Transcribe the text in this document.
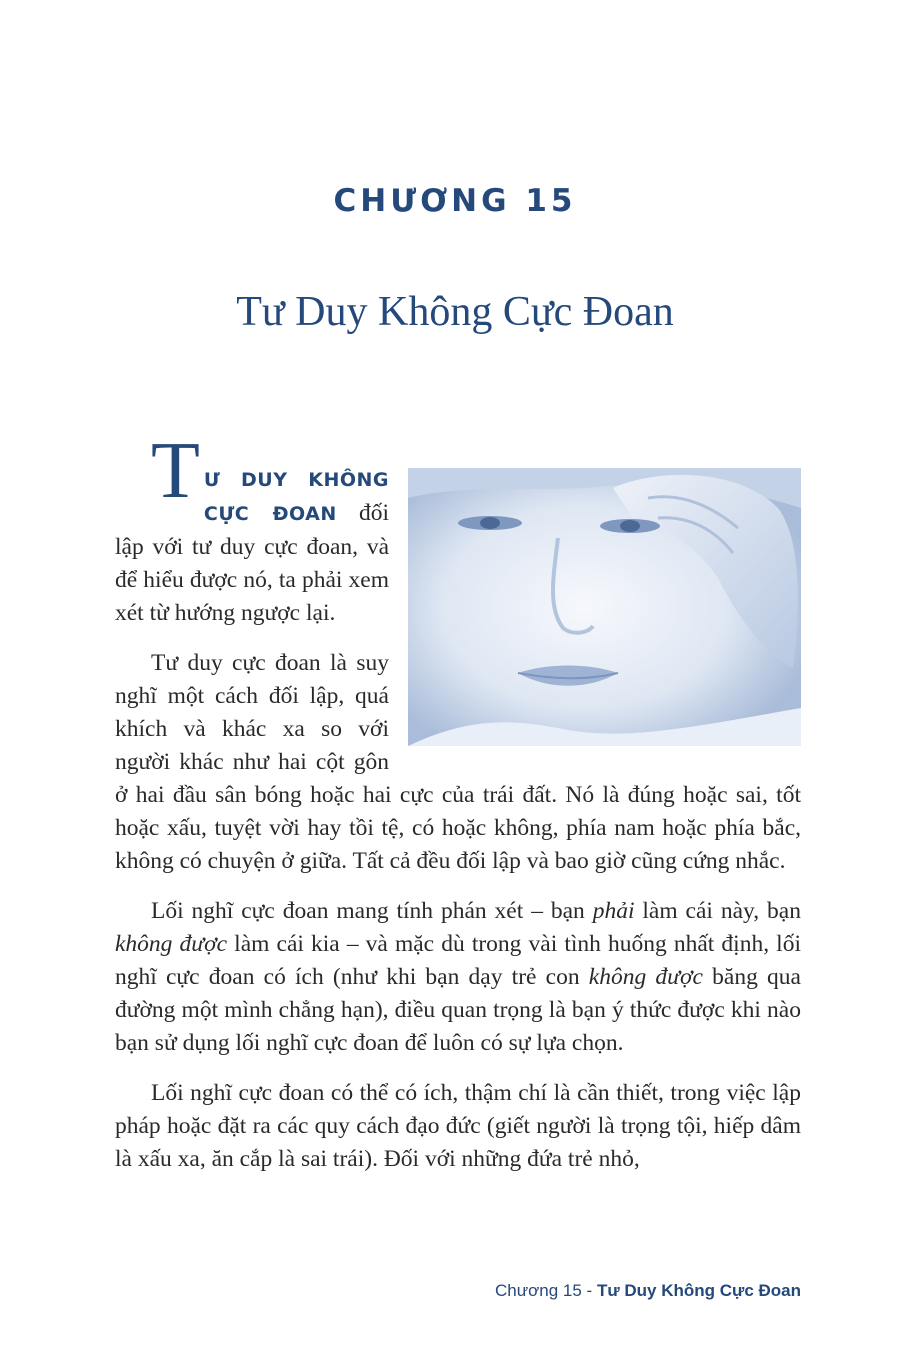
CHƯƠNG 15
Tư Duy Không Cực Đoan
T Ư DUY KHÔNG CỰC ĐOAN đối lập với tư duy cực đoan, và để hiểu được nó, ta phải xem xét từ hướng ngược lại.

Tư duy cực đoan là suy nghĩ một cách đối lập, quá khích và khác xa so với người khác như hai cột gôn ở hai đầu sân bóng hoặc hai cực của trái đất. Nó là đúng hoặc sai, tốt hoặc xấu, tuyệt vời hay tồi tệ, có hoặc không, phía nam hoặc phía bắc, không có chuyện ở giữa. Tất cả đều đối lập và bao giờ cũng cứng nhắc.

Lối nghĩ cực đoan mang tính phán xét – bạn phải làm cái này, bạn không được làm cái kia – và mặc dù trong vài tình huống nhất định, lối nghĩ cực đoan có ích (như khi bạn dạy trẻ con không được băng qua đường một mình chẳng hạn), điều quan trọng là bạn ý thức được khi nào bạn sử dụng lối nghĩ cực đoan để luôn có sự lựa chọn.

Lối nghĩ cực đoan có thể có ích, thậm chí là cần thiết, trong việc lập pháp hoặc đặt ra các quy cách đạo đức (giết người là trọng tội, hiếp dâm là xấu xa, ăn cắp là sai trái). Đối với những đứa trẻ nhỏ,

Chương 15 - Tư Duy Không Cực Đoan
